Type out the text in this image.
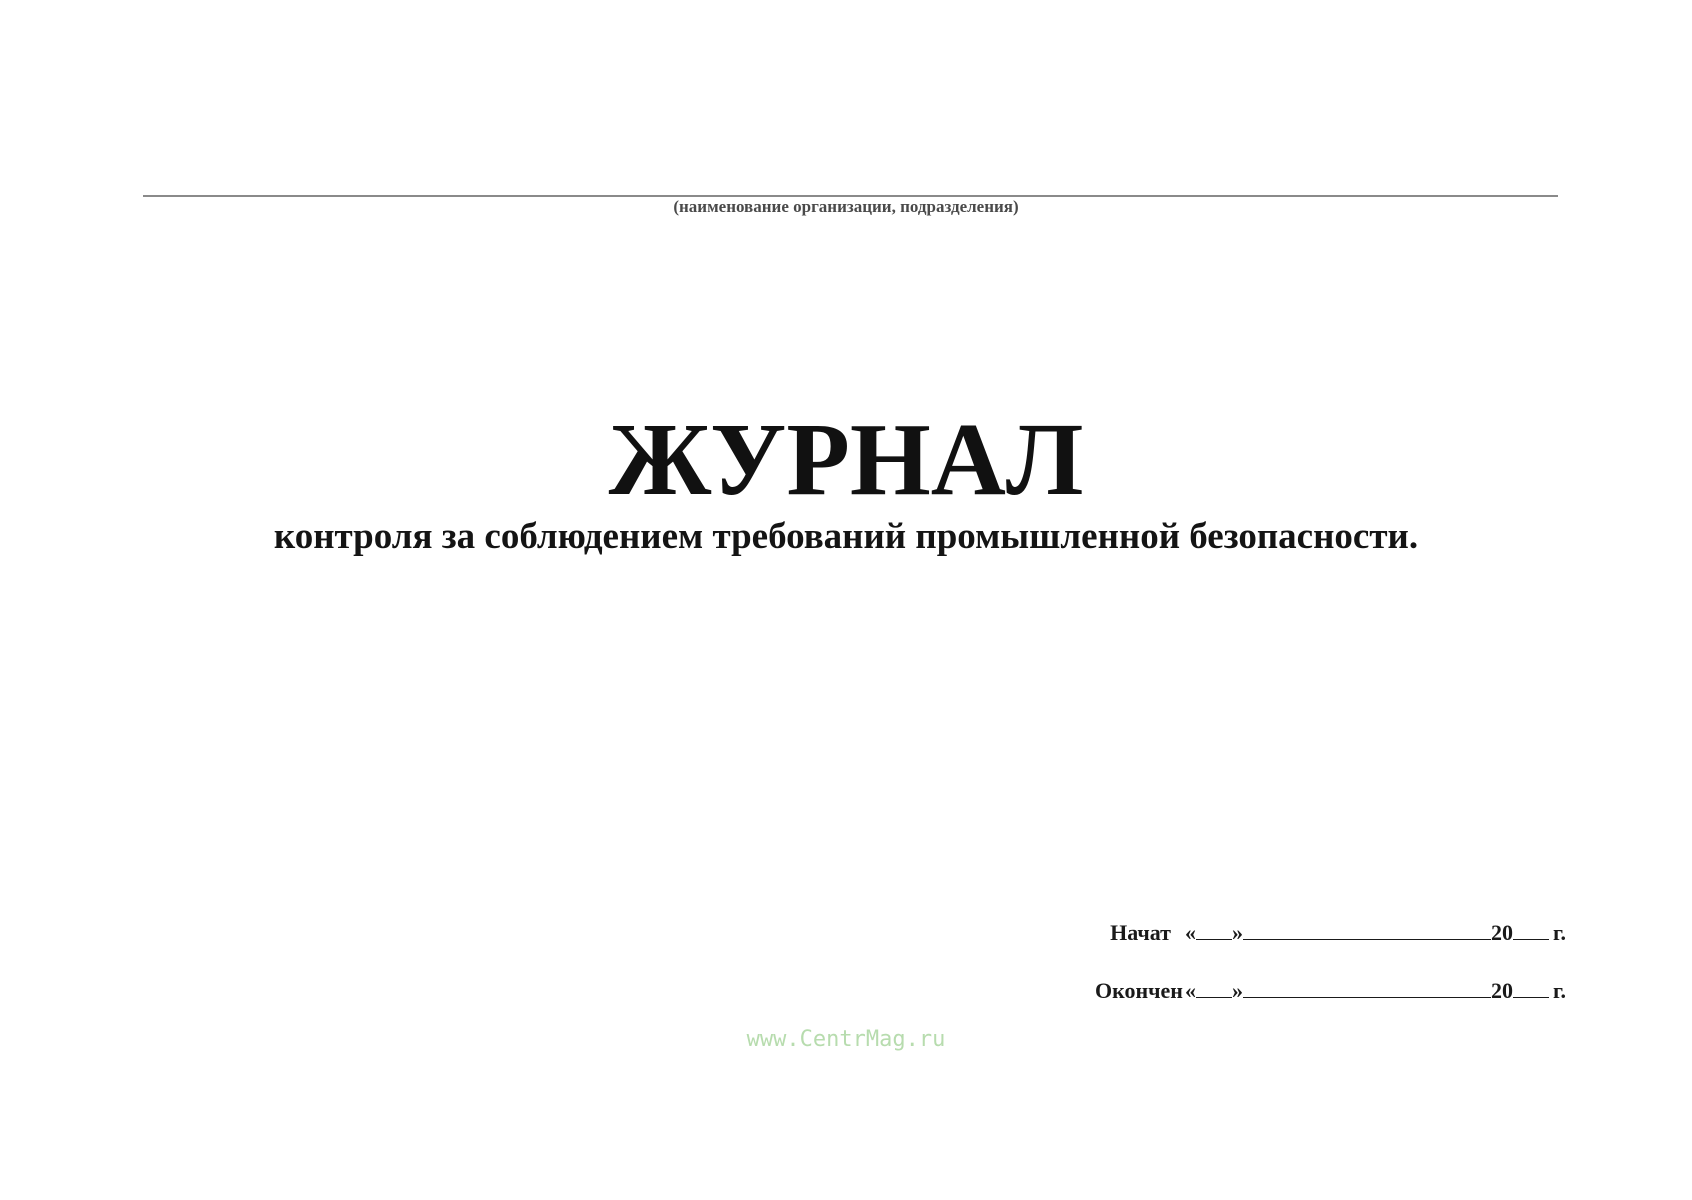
(наименование организации, подразделения)
ЖУРНАЛ
контроля за соблюдением требований промышленной безопасности.
Начат « »	20 г.
Окончен « »	20 г.
www.CentrMag.ru
